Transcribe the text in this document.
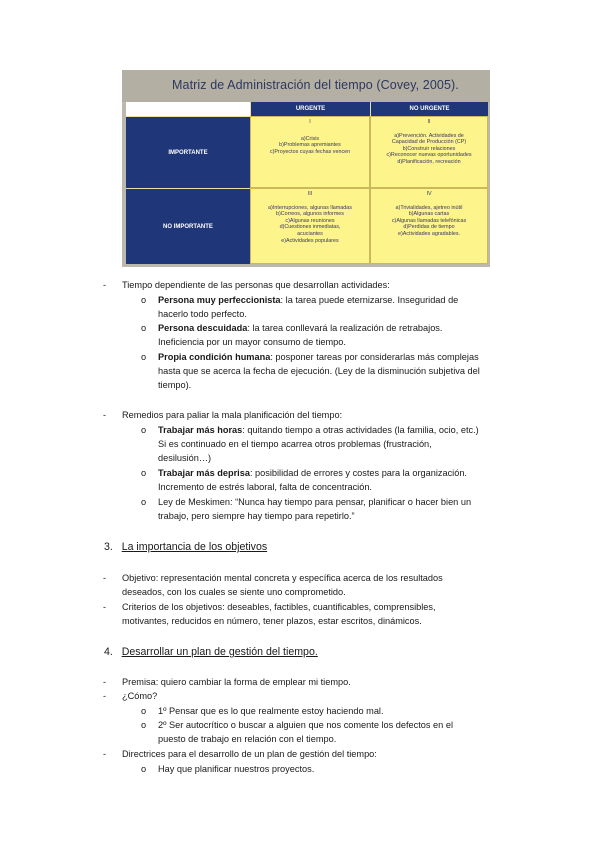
Matriz de Administración del tiempo (Covey, 2005).
URGENTE	NO URGENTE
IMPORTANTE
NO IMPORTANTE
I
a)Crisis
b)Problemas apremiantes
c)Proyectos cuyas fechas vencen
II
a)Prevención. Actividades de
Capacidad de Producción (CP)
b)Construir relaciones
c)Reconocer nuevas oportunidades
d)Planificación, recreación
III
a)Interrupciones, algunas llamadas
b)Correos, algunos informes
c)Algunas reuniones
d)Cuestiones inmediatas,
acuciantes
e)Actividades populares
IV
a)Trivialidades, ajetreo inútil
b)Algunas cartas
c)Algunas llamadas telefónicas
d)Perdidas de tiempo
e)Actividades agradables.
- Tiempo dependiente de las personas que desarrollan actividades:
o Persona muy perfeccionista: la tarea puede eternizarse. Inseguridad de
hacerlo todo perfecto.
o Persona descuidada: la tarea conllevará la realización de retrabajos.
Ineficiencia por un mayor consumo de tiempo.
o Propia condición humana: posponer tareas por considerarlas más complejas
hasta que se acerca la fecha de ejecución. (Ley de la disminución subjetiva del
tiempo).
- Remedios para paliar la mala planificación del tiempo:
o Trabajar más horas: quitando tiempo a otras actividades (la familia, ocio, etc.)
Si es continuado en el tiempo acarrea otros problemas (frustración,
desilusión…)
o Trabajar más deprisa: posibilidad de errores y costes para la organización.
Incremento de estrés laboral, falta de concentración.
o Ley de Meskimen: “Nunca hay tiempo para pensar, planificar o hacer bien un
trabajo, pero siempre hay tiempo para repetirlo.”
3. La importancia de los objetivos
- Objetivo: representación mental concreta y específica acerca de los resultados
deseados, con los cuales se siente uno comprometido.
- Criterios de los objetivos: deseables, factibles, cuantificables, comprensibles,
motivantes, reducidos en número, tener plazos, estar escritos, dinámicos.
4. Desarrollar un plan de gestión del tiempo.
- Premisa: quiero cambiar la forma de emplear mi tiempo.
- ¿Cómo?
o 1º Pensar que es lo que realmente estoy haciendo mal.
o 2º Ser autocrítico o buscar a alguien que nos comente los defectos en el
puesto de trabajo en relación con el tiempo.
- Directrices para el desarrollo de un plan de gestión del tiempo:
o Hay que planificar nuestros proyectos.
